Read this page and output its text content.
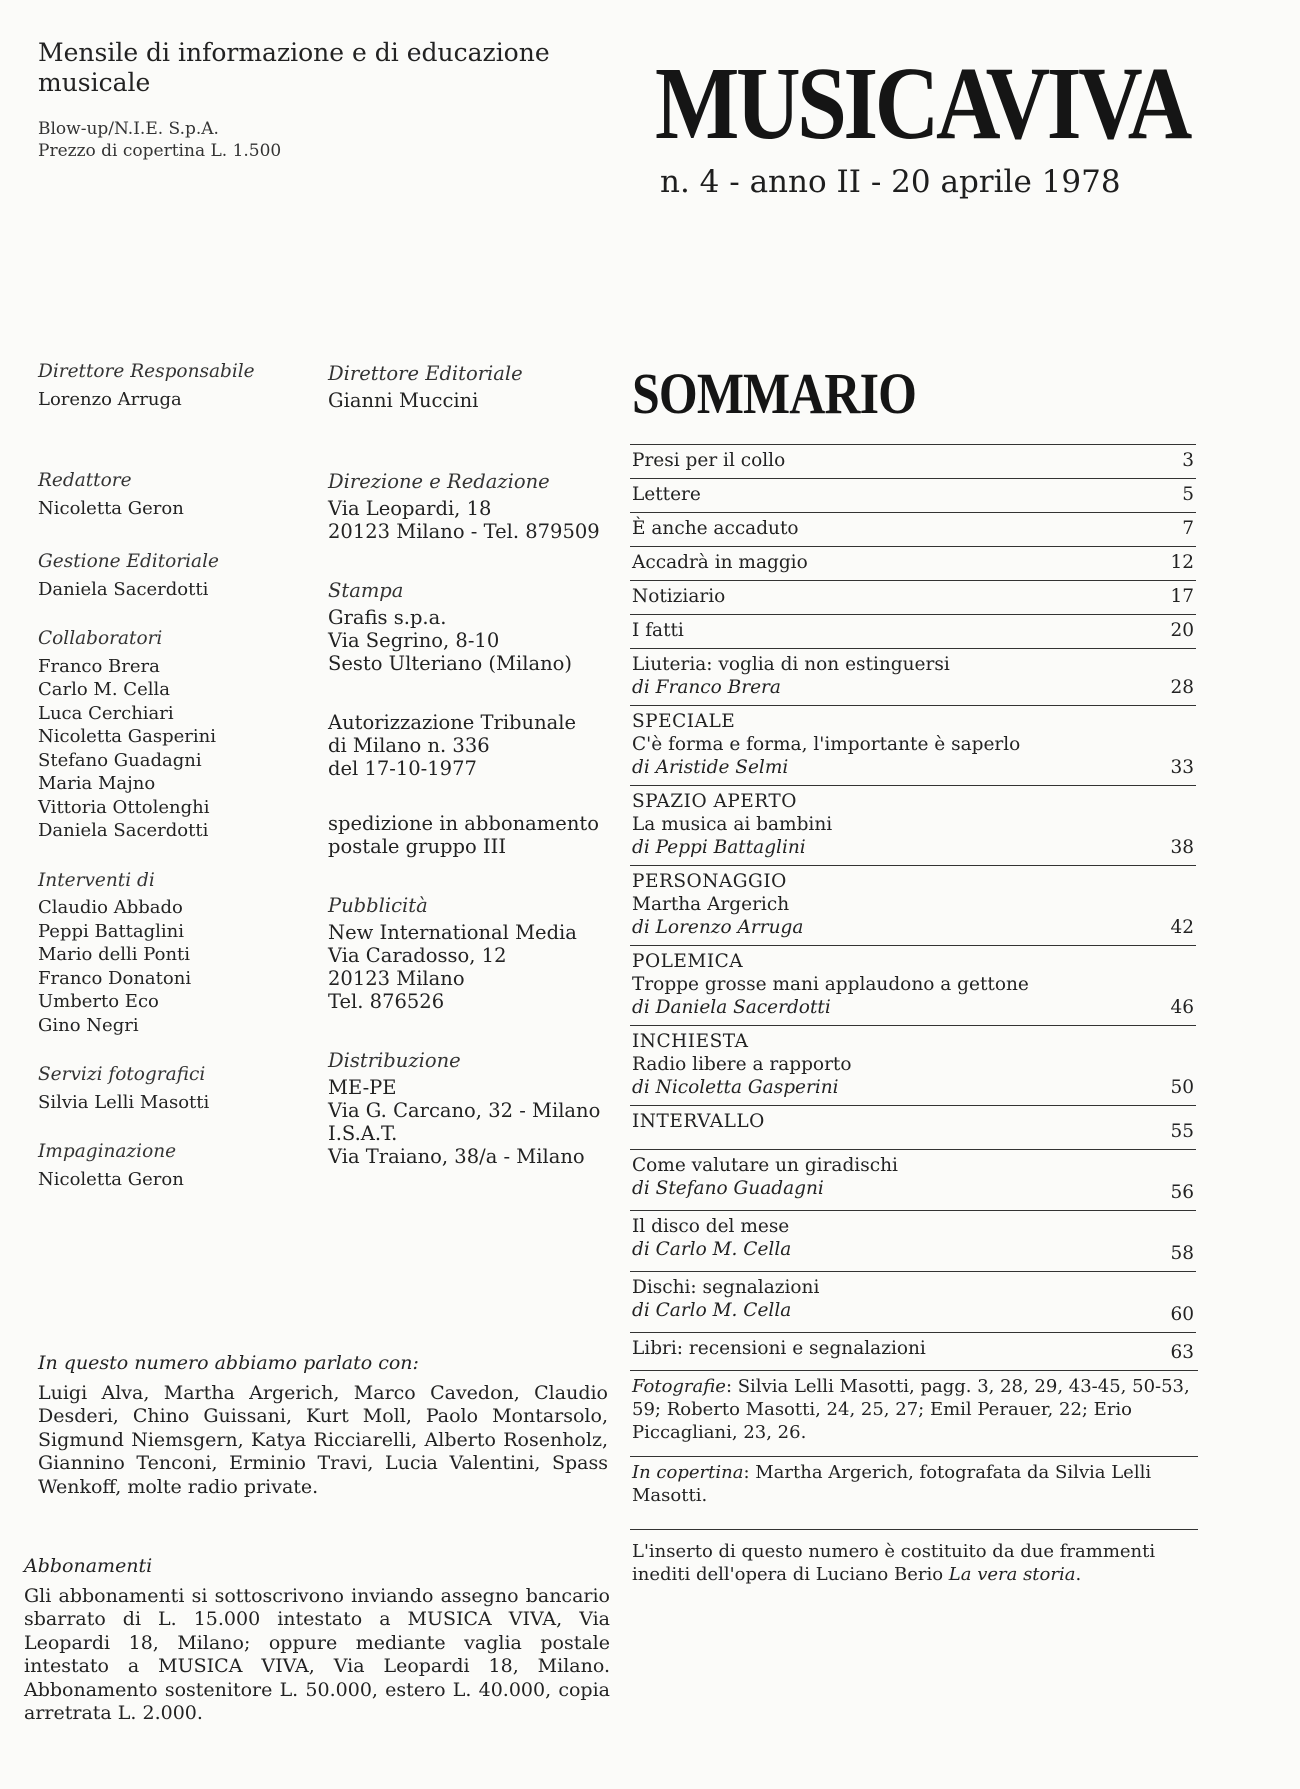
Mensile di informazione e di educazione musicale
Blow-up/N.I.E. S.p.A.
Prezzo di copertina L. 1.500	MUSICAVIVA
n. 4 - anno II - 20 aprile 1978
Direttore Responsabile
Lorenzo Arruga
Redattore
Nicoletta Geron
Gestione Editoriale
Daniela Sacerdotti
Collaboratori
Franco Brera
Carlo M. Cella
Luca Cerchiari
Nicoletta Gasperini
Stefano Guadagni
Maria Majno
Vittoria Ottolenghi
Daniela Sacerdotti
Interventi di
Claudio Abbado
Peppi Battaglini
Mario delli Ponti
Franco Donatoni
Umberto Eco
Gino Negri
Servizi fotografici
Silvia Lelli Masotti
Impaginazione
Nicoletta Geron
Direttore Editoriale
Gianni Muccini
Direzione e Redazione
Via Leopardi, 18
20123 Milano - Tel. 879509
Stampa
Grafis s.p.a.
Via Segrino, 8-10
Sesto Ulteriano (Milano)
Autorizzazione Tribunale
di Milano n. 336
del 17-10-1977
spedizione in abbonamento
postale gruppo III
Pubblicità
New International Media
Via Caradosso, 12
20123 Milano
Tel. 876526
Distribuzione
ME-PE
Via G. Carcano, 32 - Milano
I.S.A.T.
Via Traiano, 38/a - Milano
SOMMARIO
Presi per il collo	3
Lettere	5
È anche accaduto	7
Accadrà in maggio	12
Notiziario	17
I fatti	20
Liuteria: voglia di non estinguersi
di Franco Brera	28
SPECIALE
C'è forma e forma, l'importante è saperlo
di Aristide Selmi	33
SPAZIO APERTO
La musica ai bambini
di Peppi Battaglini	38
PERSONAGGIO
Martha Argerich
di Lorenzo Arruga	42
POLEMICA
Troppe grosse mani applaudono a gettone
di Daniela Sacerdotti	46
INCHIESTA
Radio libere a rapporto
di Nicoletta Gasperini	50
INTERVALLO	55
Come valutare un giradischi
di Stefano Guadagni	56
Il disco del mese
di Carlo M. Cella	58
Dischi: segnalazioni
di Carlo M. Cella	60
Libri: recensioni e segnalazioni	63
Fotografie: Silvia Lelli Masotti, pagg. 3, 28, 29, 43-45, 50-53, 59; Roberto Masotti, 24, 25, 27; Emil Perauer, 22; Erio Piccagliani, 23, 26.
In copertina: Martha Argerich, fotografata da Silvia Lelli Masotti.
L'inserto di questo numero è costituito da due frammenti inediti dell'opera di Luciano Berio La vera storia.
In questo numero abbiamo parlato con:
Luigi Alva, Martha Argerich, Marco Cavedon, Claudio Desderi, Chino Guissani, Kurt Moll, Paolo Montarsolo, Sigmund Niemsgern, Katya Ricciarelli, Alberto Rosenholz, Giannino Tenconi, Erminio Travi, Lucia Valentini, Spass Wenkoff, molte radio private.
Abbonamenti
Gli abbonamenti si sottoscrivono inviando assegno bancario sbarrato di L. 15.000 intestato a MUSICA VIVA, Via Leopardi 18, Milano; oppure mediante vaglia postale intestato a MUSICA VIVA, Via Leopardi 18, Milano. Abbonamento sostenitore L. 50.000, estero L. 40.000, copia arretrata L. 2.000.
